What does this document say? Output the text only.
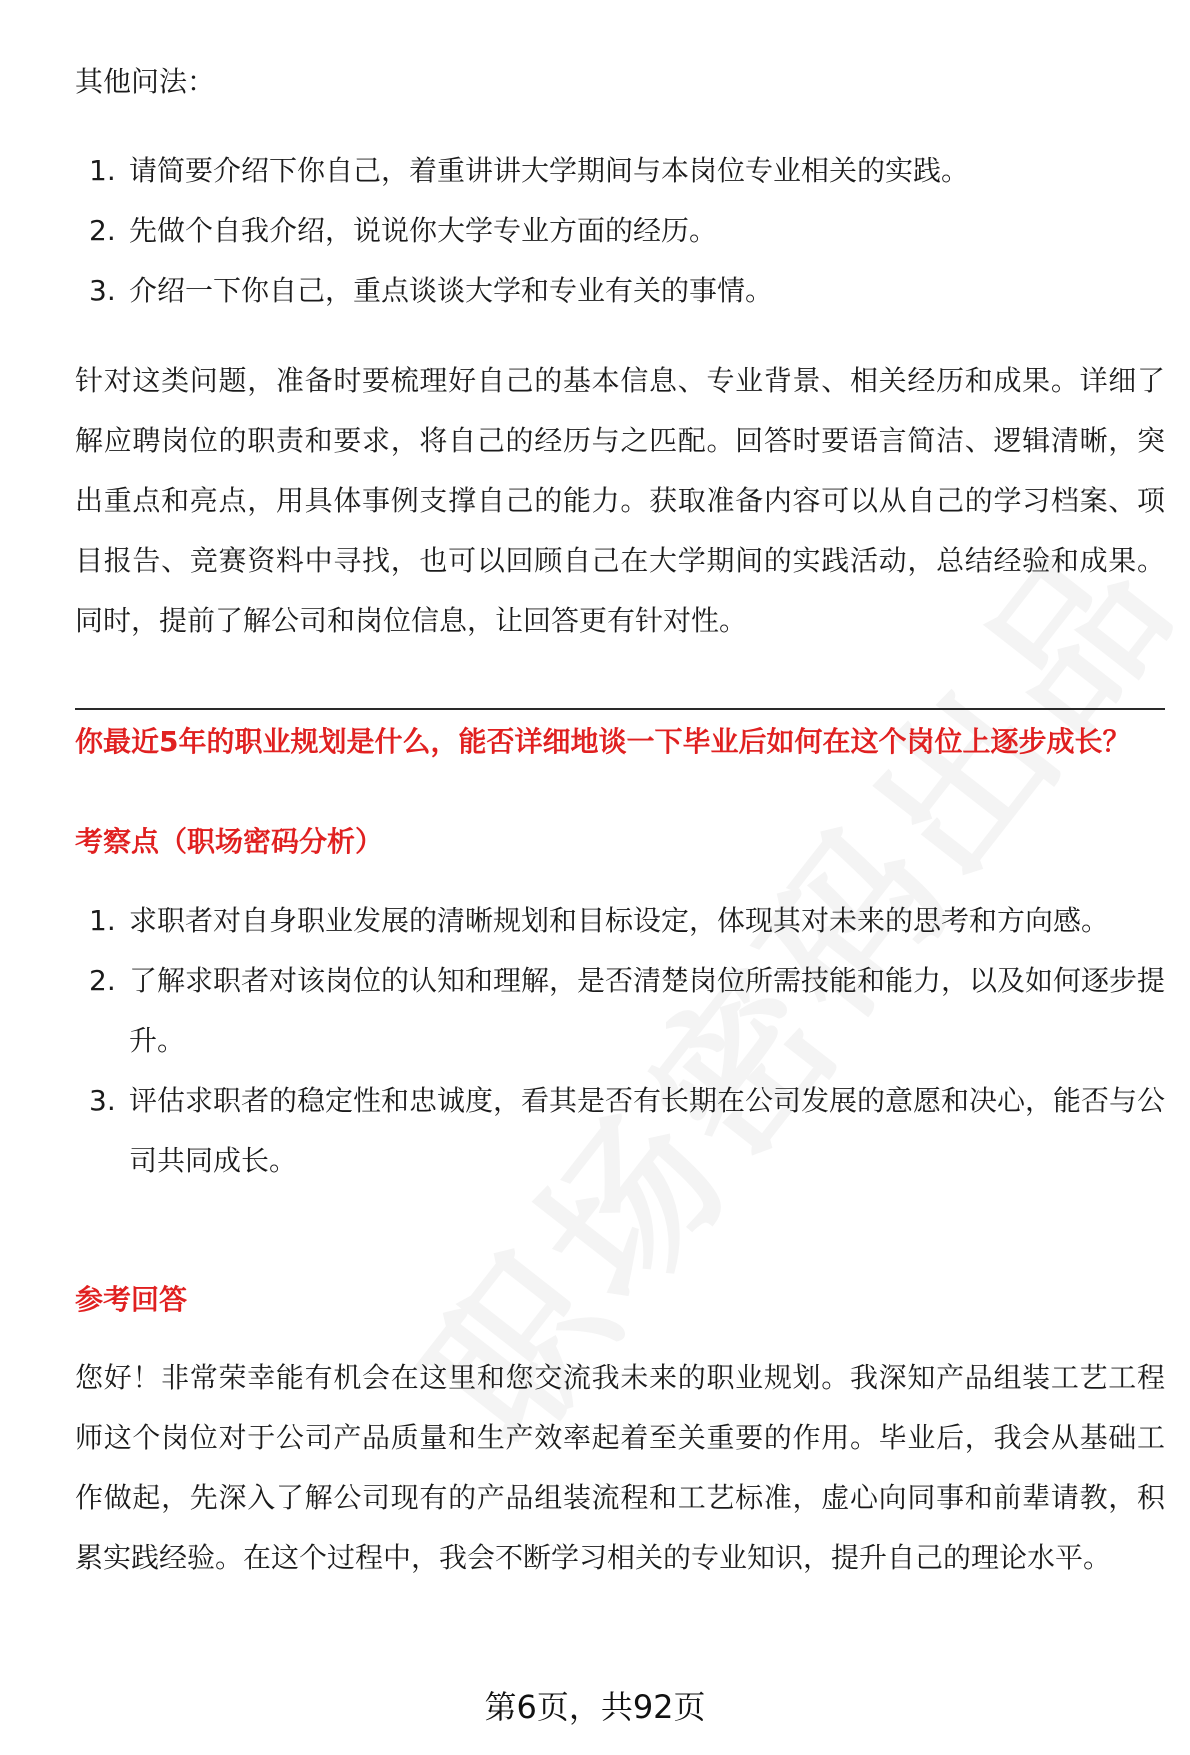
其他问法：

1. 请简要介绍下你自己，着重讲讲大学期间与本岗位专业相关的实践。
2. 先做个自我介绍，说说你大学专业方面的经历。
3. 介绍一下你自己，重点谈谈大学和专业有关的事情。

针对这类问题，准备时要梳理好自己的基本信息、专业背景、相关经历和成果。详细了解应聘岗位的职责和要求，将自己的经历与之匹配。回答时要语言简洁、逻辑清晰，突出重点和亮点，用具体事例支撑自己的能力。获取准备内容可以从自己的学习档案、项目报告、竞赛资料中寻找，也可以回顾自己在大学期间的实践活动，总结经验和成果。同时，提前了解公司和岗位信息，让回答更有针对性。

你最近5年的职业规划是什么，能否详细地谈一下毕业后如何在这个岗位上逐步成长？
考察点（职场密码分析）
1. 求职者对自身职业发展的清晰规划和目标设定，体现其对未来的思考和方向感。
2. 了解求职者对该岗位的认知和理解，是否清楚岗位所需技能和能力，以及如何逐步提升。
3. 评估求职者的稳定性和忠诚度，看其是否有长期在公司发展的意愿和决心，能否与公司共同成长。
参考回答

您好！非常荣幸能有机会在这里和您交流我未来的职业规划。我深知产品组装工艺工程师这个岗位对于公司产品质量和生产效率起着至关重要的作用。毕业后，我会从基础工作做起，先深入了解公司现有的产品组装流程和工艺标准，虚心向同事和前辈请教，积累实践经验。在这个过程中，我会不断学习相关的专业知识，提升自己的理论水平。

第6页，共92页
